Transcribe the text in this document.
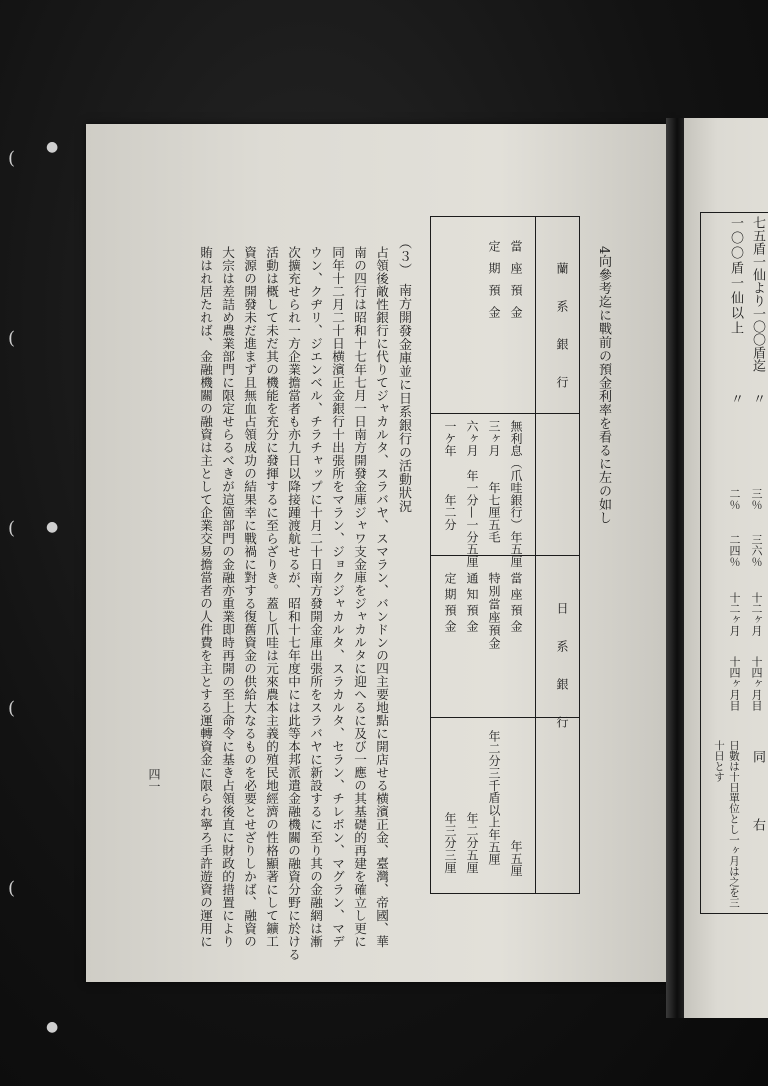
(
(
(
(
(
●
●
●
4向參考迄に戰前の預金利率を看るに左の如し
蘭系銀行
日系銀行
當座預金
定期預金
無利息（爪哇銀行）年五厘
三ヶ月　　年七厘五毛
六ヶ月　年一分—一分五厘
一ケ年　　　年二分
當座預金
特別當座預金
通知預金
定期預金
年五厘
年二分三千盾以上年五厘
年二分五厘
年三分三厘
（３）　南方開發金庫並に日系銀行の活動狀況
占領後敵性銀行に代りてジャカルタ、スラバヤ、スマラン、バンドンの四主要地點に開店せる横濱正金、臺灣、帝國、華
南の四行は昭和十七年七月一日南方開發金庫ジャワ支金庫をジャカルタに迎へるに及び一應の其基礎的再建を確立し更に
同年十二月二十日横濱正金銀行十出張所をマラン、ジョクジャカルタ、スラカルタ、セラン、チレボン、マグラン、マデ
ウン、クヂリ、ジエンベル、チラチャップに十月二十日南方發開金庫出張所をスラバヤに新設するに至り其の金融網は漸
次擴充せられ一方企業擔當者も亦九日以降接踵渡航せるが、昭和十七年度中には此等本邦派遣金融機關の融資分野に於ける
活動は概して未だ其の機能を充分に發揮するに至らざりき。蓋し爪哇は元來農本主義的殖民地經濟の性格顯著にして鑛工
資源の開發未だ進まず且無血占領成功の結果幸に戰禍に對する復舊資金の供給大なるものを必要とせざりしかば、融資の
大宗は差詰め農業部門に限定せらるべきが這箇部門の金融亦重業即時再開の至上命令に基き占領後直に財政的措置により
賄はれ居たれば、金融機關の融資は主として企業交易擔當者の人件費を主とする運轉資金に限られ寧ろ手許遊資の運用に
四一
七五盾一仙より一〇〇盾迄
一〇〇盾一仙以上
〃
〃
三％
二％
三六％
二四％
十二ヶ月
十二ヶ月
十四ヶ月目
十四ヶ月目
日數は十日單位とし一ヶ月は之を三十日とす	同
右
